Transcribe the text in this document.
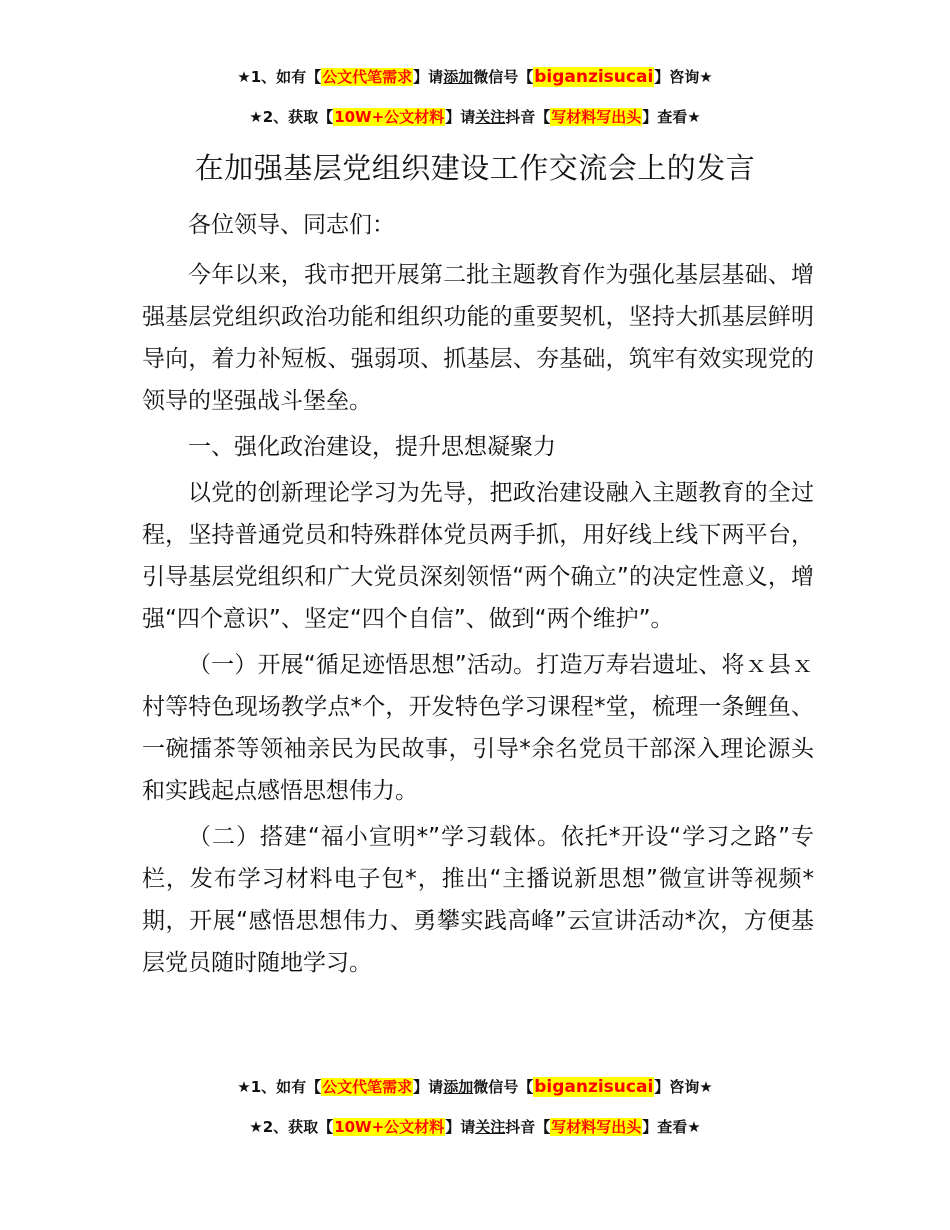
★1、如有【公文代笔需求】请添加微信号【biganzisucai】咨询★
★2、获取【10W+公文材料】请关注抖音【写材料写出头】查看★
在加强基层党组织建设工作交流会上的发言

各位领导、同志们：

今年以来，我市把开展第二批主题教育作为强化基层基础、增强基层党组织政治功能和组织功能的重要契机，坚持大抓基层鲜明导向，着力补短板、强弱项、抓基层、夯基础，筑牢有效实现党的领导的坚强战斗堡垒。

一、强化政治建设，提升思想凝聚力

以党的创新理论学习为先导，把政治建设融入主题教育的全过程，坚持普通党员和特殊群体党员两手抓，用好线上线下两平台，引导基层党组织和广大党员深刻领悟“两个确立”的决定性意义，增强“四个意识”、坚定“四个自信”、做到“两个维护”。

（一）开展“循足迹悟思想”活动。打造万寿岩遗址、将ｘ县ｘ村等特色现场教学点*个，开发特色学习课程*堂，梳理一条鲤鱼、一碗擂茶等领袖亲民为民故事，引导*余名党员干部深入理论源头和实践起点感悟思想伟力。

（二）搭建“福小宣明*”学习载体。依托*开设“学习之路”专栏，发布学习材料电子包*，推出“主播说新思想”微宣讲等视频*期，开展“感悟思想伟力、勇攀实践高峰”云宣讲活动*次，方便基层党员随时随地学习。

★1、如有【公文代笔需求】请添加微信号【biganzisucai】咨询★
★2、获取【10W+公文材料】请关注抖音【写材料写出头】查看★
